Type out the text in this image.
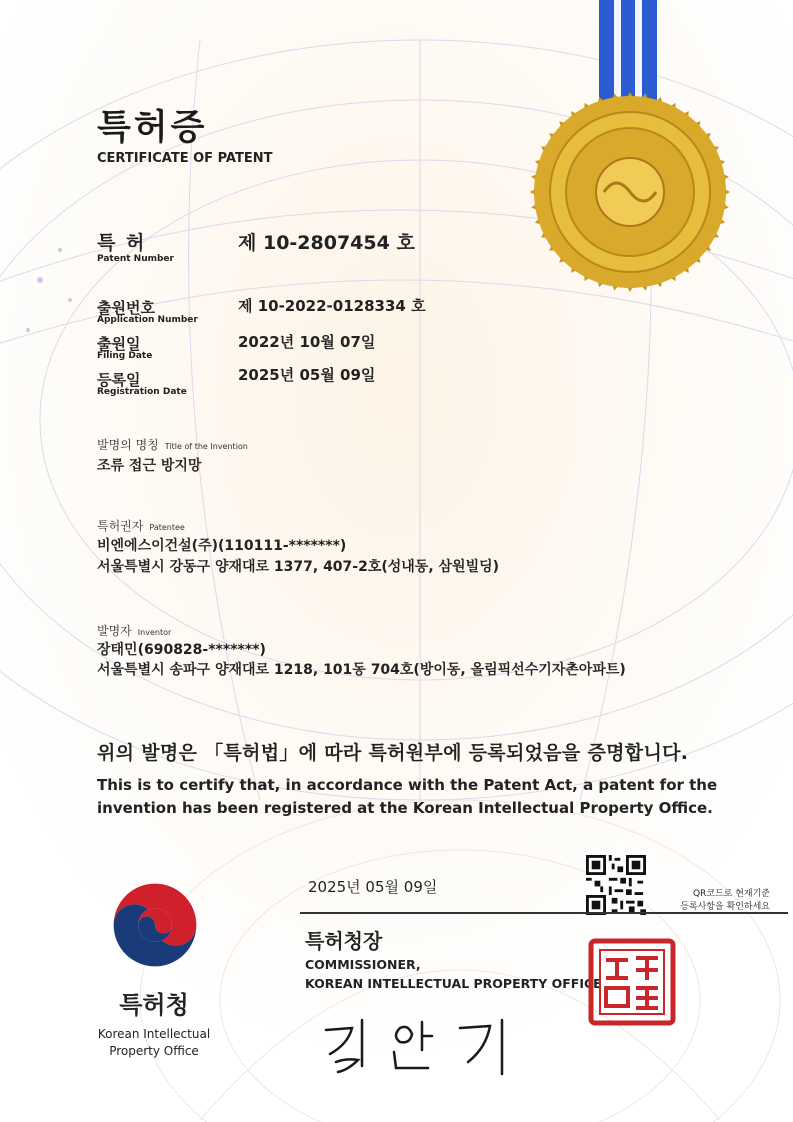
특허증
CERTIFICATE OF PATENT
특 허
Patent Number
제 10-2807454 호
출원번호
Application Number
제 10-2022-0128334 호
출원일
Filing Date
2022년 10월 07일
등록일
Registration Date
2025년 05월 09일
발명의 명칭 Title of the Invention
조류 접근 방지망
특허권자 Patentee
비엔에스이건설(주)(110111-*******)
서울특별시 강동구 양재대로 1377, 407-2호(성내동, 삼원빌딩)
발명자 Inventor
장태민(690828-*******)
서울특별시 송파구 양재대로 1218, 101동 704호(방이동, 올림픽선수기자촌아파트)
위의 발명은 「특허법」에 따라 특허원부에 등록되었음을 증명합니다.
This is to certify that, in accordance with the Patent Act, a patent for the invention has been registered at the Korean Intellectual Property Office.
2025년 05월 09일	QR코드로 현재기준
등록사항을 확인하세요
특허청장
COMMISSIONER,
KOREAN INTELLECTUAL PROPERTY OFFICE
특허청
Korean Intellectual
Property Office
